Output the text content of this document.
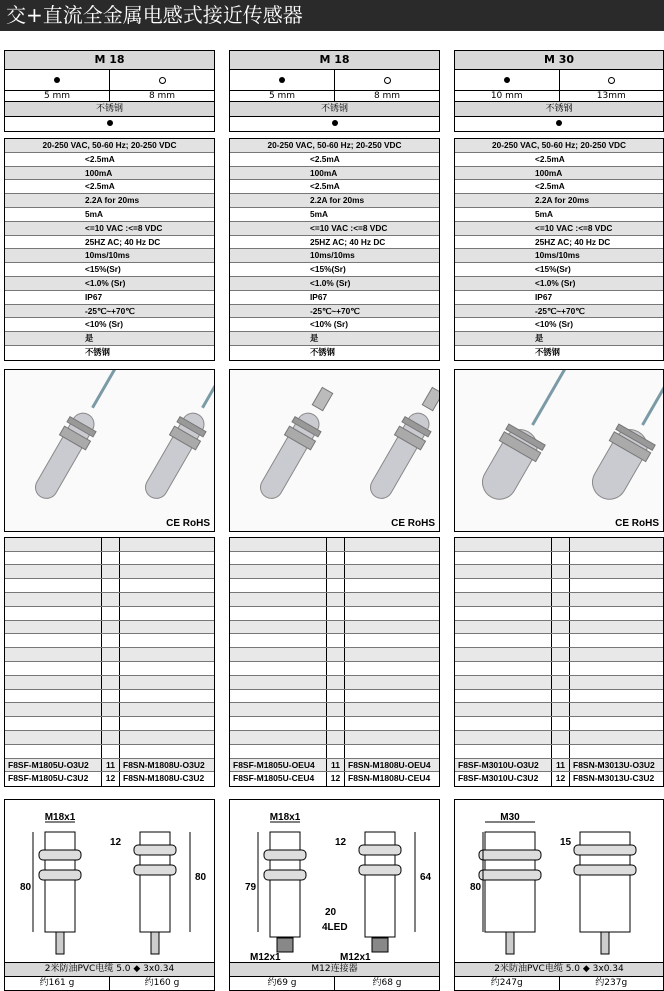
交+直流全金属电感式接近传感器
M 18
5 mm	8 mm
不锈钢
20-250 VAC, 50-60 Hz; 20-250 VDC
<2.5mA
100mA
<2.5mA
2.2A for 20ms
5mA
<=10 VAC :<=8 VDC
25HZ AC; 40 Hz DC
10ms/10ms
<15%(Sr)
<1.0% (Sr)
IP67
-25℃~+70℃
<10% (Sr)
是
不锈钢
CE RoHS
F8SF-M1805U-O3U2	11 F8SN-M1808U-O3U2
F8SF-M1805U-C3U2	12 F8SN-M1808U-C3U2
M18x1
80
12
80
2米防油PVC电缆 5.0 ◆ 3x0.34
约161 g	约160 g
M 18
5 mm	8 mm
不锈钢
20-250 VAC, 50-60 Hz; 20-250 VDC
<2.5mA
100mA
<2.5mA
2.2A for 20ms
5mA
<=10 VAC :<=8 VDC
25HZ AC; 40 Hz DC
10ms/10ms
<15%(Sr)
<1.0% (Sr)
IP67
-25℃~+70℃
<10% (Sr)
是
不锈钢
CE RoHS
F8SF-M1805U-OEU4	11 F8SN-M1808U-OEU4
F8SF-M1805U-CEU4	12 F8SN-M1808U-CEU4
M18x1
79
12
64
20
4LED
M12x1	M12x1
M12连接器
约69 g	约68 g
M 30
10 mm	13mm
不锈钢
20-250 VAC, 50-60 Hz; 20-250 VDC
<2.5mA
100mA
<2.5mA
2.2A for 20ms
5mA
<=10 VAC :<=8 VDC
25HZ AC; 40 Hz DC
10ms/10ms
<15%(Sr)
<1.0% (Sr)
IP67
-25℃~+70℃
<10% (Sr)
是
不锈钢
CE RoHS
F8SF-M3010U-O3U2	11 F8SN-M3013U-O3U2
F8SF-M3010U-C3U2	12 F8SN-M3013U-C3U2
M30
80
15
2米防油PVC电缆 5.0 ◆ 3x0.34
约247g	约237g
